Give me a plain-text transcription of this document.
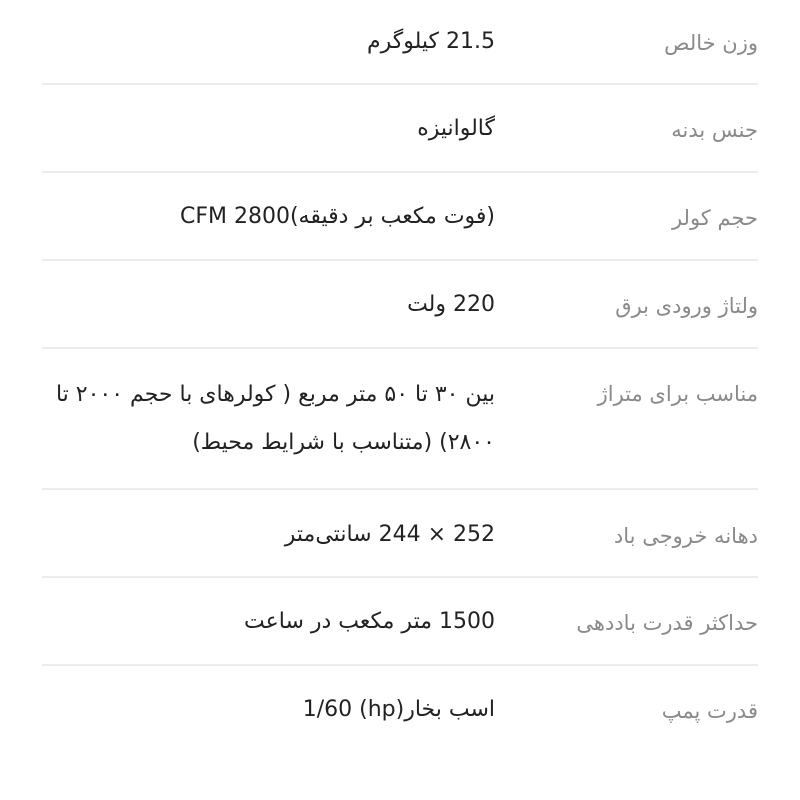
وزن خالص
21.5 کیلوگرم
جنس بدنه
گالوانیزه
حجم کولر
(فوت مکعب بر دقیقه)CFM 2800
ولتاژ ورودی برق
220 ولت
مناسب برای متراژ
بین ۳۰ تا ۵۰ متر مربع ( کولرهای با حجم ۲۰۰۰ تا ۲۸۰۰) (متناسب با شرایط محیط)
دهانه خروجی باد
252 × 244 سانتی‌متر
حداکثر قدرت باددهی
1500 متر مکعب در ساعت
قدرت پمپ
اسب بخار(hp) 1/60
